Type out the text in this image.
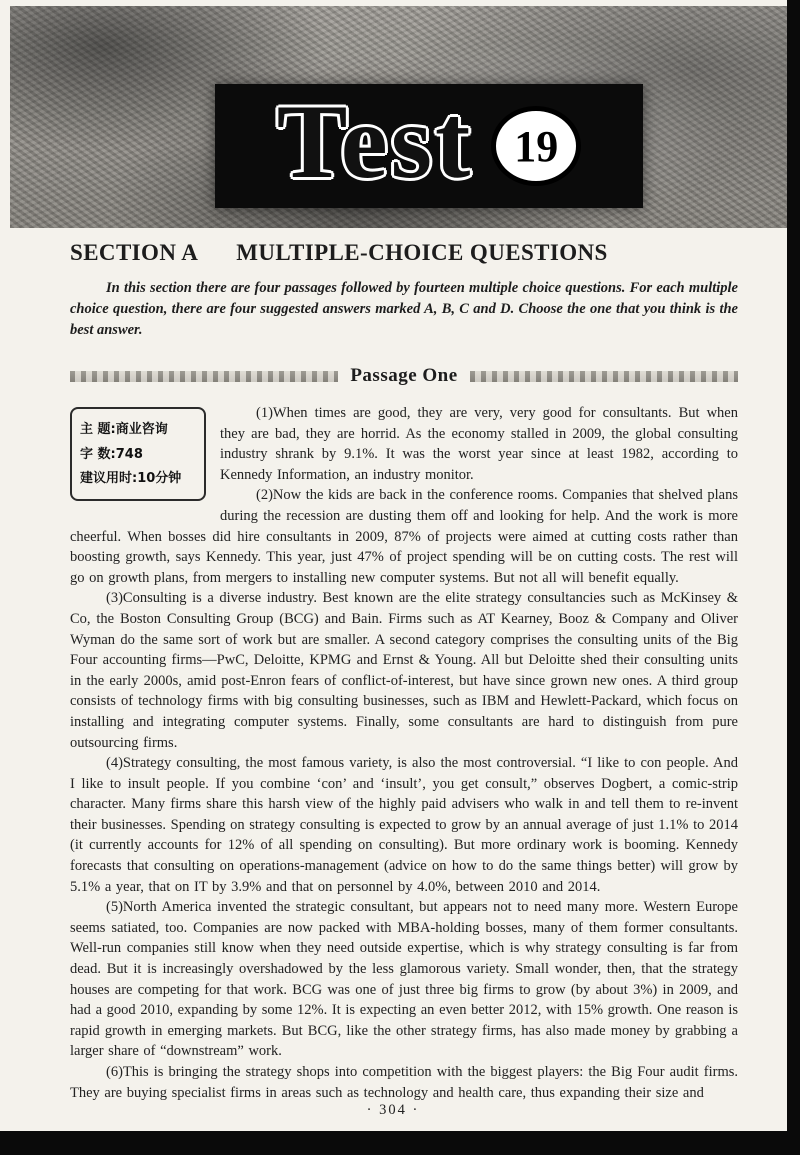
Test 19
SECTION A MULTIPLE-CHOICE QUESTIONS

In this section there are four passages followed by fourteen multiple choice questions. For each multiple choice question, there are four suggested answers marked A, B, C and D. Choose the one that you think is the best answer.

Passage One
主 题:商业咨询
字 数:748
建议用时:10分钟

(1)When times are good, they are very, very good for consultants. But when they are bad, they are horrid. As the economy stalled in 2009, the global consulting industry shrank by 9.1%. It was the worst year since at least 1982, according to Kennedy Information, an industry monitor.

(2)Now the kids are back in the conference rooms. Companies that shelved plans during the recession are dusting them off and looking for help. And the work is more cheerful. When bosses did hire consultants in 2009, 87% of projects were aimed at cutting costs rather than boosting growth, says Kennedy. This year, just 47% of project spending will be on cutting costs. The rest will go on growth plans, from mergers to installing new computer systems. But not all will benefit equally.

(3)Consulting is a diverse industry. Best known are the elite strategy consultancies such as McKinsey & Co, the Boston Consulting Group (BCG) and Bain. Firms such as AT Kearney, Booz & Company and Oliver Wyman do the same sort of work but are smaller. A second category comprises the consulting units of the Big Four accounting firms—PwC, Deloitte, KPMG and Ernst & Young. All but Deloitte shed their consulting units in the early 2000s, amid post-Enron fears of conflict-of-interest, but have since grown new ones. A third group consists of technology firms with big consulting businesses, such as IBM and Hewlett-Packard, which focus on installing and integrating computer systems. Finally, some consultants are hard to distinguish from pure outsourcing firms.

(4)Strategy consulting, the most famous variety, is also the most controversial. “I like to con people. And I like to insult people. If you combine ‘con’ and ‘insult’, you get consult,” observes Dogbert, a comic-strip character. Many firms share this harsh view of the highly paid advisers who walk in and tell them to re-invent their businesses. Spending on strategy consulting is expected to grow by an annual average of just 1.1% to 2014 (it currently accounts for 12% of all spending on consulting). But more ordinary work is booming. Kennedy forecasts that consulting on operations-management (advice on how to do the same things better) will grow by 5.1% a year, that on IT by 3.9% and that on personnel by 4.0%, between 2010 and 2014.

(5)North America invented the strategic consultant, but appears not to need many more. Western Europe seems satiated, too. Companies are now packed with MBA-holding bosses, many of them former consultants. Well-run companies still know when they need outside expertise, which is why strategy consulting is far from dead. But it is increasingly overshadowed by the less glamorous variety. Small wonder, then, that the strategy houses are competing for that work. BCG was one of just three big firms to grow (by about 3%) in 2009, and had a good 2010, expanding by some 12%. It is expecting an even better 2012, with 15% growth. One reason is rapid growth in emerging markets. But BCG, like the other strategy firms, has also made money by grabbing a larger share of “downstream” work.

(6)This is bringing the strategy shops into competition with the biggest players: the Big Four audit firms. They are buying specialist firms in areas such as technology and health care, thus expanding their size and

· 304 ·
